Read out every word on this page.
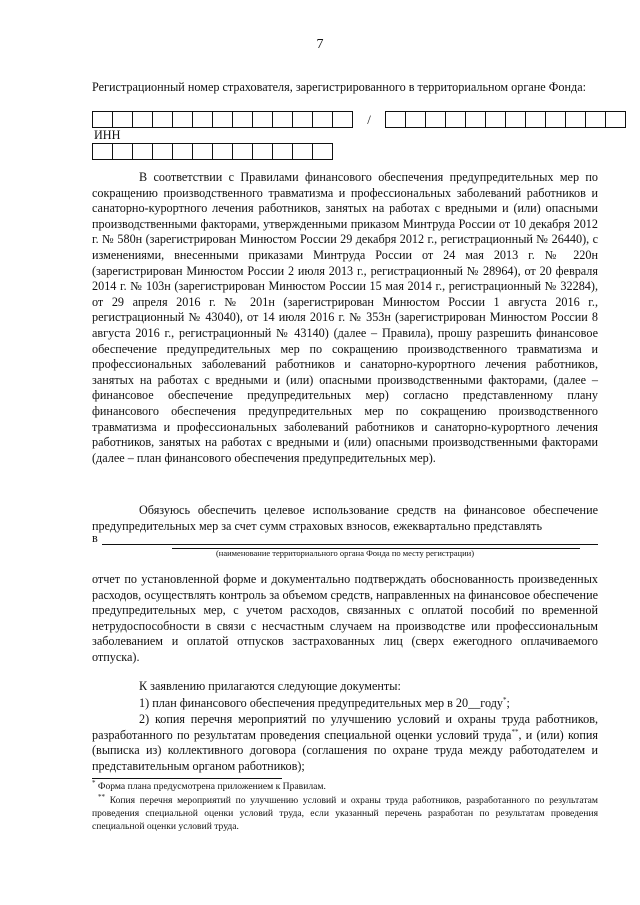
7
Регистрационный номер страхователя, зарегистрированного в территориальном органе Фонда:
/
ИНН
В соответствии с Правилами финансового обеспечения предупредительных мер по сокращению производственного травматизма и профессиональных заболеваний работников и санаторно-курортного лечения работников, занятых на работах с вредными и (или) опасными производственными факторами, утвержденными приказом Минтруда России от 10 декабря 2012 г. № 580н (зарегистрирован Минюстом России 29 декабря 2012 г., регистрационный № 26440), с изменениями, внесенными приказами Минтруда России от 24 мая 2013 г. № 220н (зарегистрирован Минюстом России 2 июля 2013 г., регистрационный № 28964), от 20 февраля 2014 г. № 103н (зарегистрирован Минюстом России 15 мая 2014 г., регистрационный № 32284), от 29 апреля 2016 г. № 201н (зарегистрирован Минюстом России 1 августа 2016 г., регистрационный № 43040), от 14 июля 2016 г. № 353н (зарегистрирован Минюстом России 8 августа 2016 г., регистрационный № 43140) (далее – Правила), прошу разрешить финансовое обеспечение предупредительных мер по сокращению производственного травматизма и профессиональных заболеваний работников и санаторно-курортного лечения работников, занятых на работах с вредными и (или) опасными производственными факторами, (далее – финансовое обеспечение предупредительных мер) согласно представленному плану финансового обеспечения предупредительных мер по сокращению производственного травматизма и профессиональных заболеваний работников и санаторно-курортного лечения работников, занятых на работах с вредными и (или) опасными производственными факторами (далее – план финансового обеспечения предупредительных мер).
Обязуюсь обеспечить целевое использование средств на финансовое обеспечение предупредительных мер за счет сумм страховых взносов, ежеквартально представлять
в
(наименование территориального органа Фонда по месту регистрации)
отчет по установленной форме и документально подтверждать обоснованность произведенных расходов, осуществлять контроль за объемом средств, направленных на финансовое обеспечение предупредительных мер, с учетом расходов, связанных с оплатой пособий по временной нетрудоспособности в связи с несчастным случаем на производстве или профессиональным заболеванием и оплатой отпусков застрахованных лиц (сверх ежегодного оплачиваемого отпуска).
К заявлению прилагаются следующие документы:
1) план финансового обеспечения предупредительных мер в 20__году*;
2) копия перечня мероприятий по улучшению условий и охраны труда работников, разработанного по результатам проведения специальной оценки условий труда**, и (или) копия (выписка из) коллективного договора (соглашения по охране труда между работодателем и представительным органом работников);
* Форма плана предусмотрена приложением к Правилам.
** Копия перечня мероприятий по улучшению условий и охраны труда работников, разработанного по результатам проведения специальной оценки условий труда, если указанный перечень разработан по результатам проведения специальной оценки условий труда.
